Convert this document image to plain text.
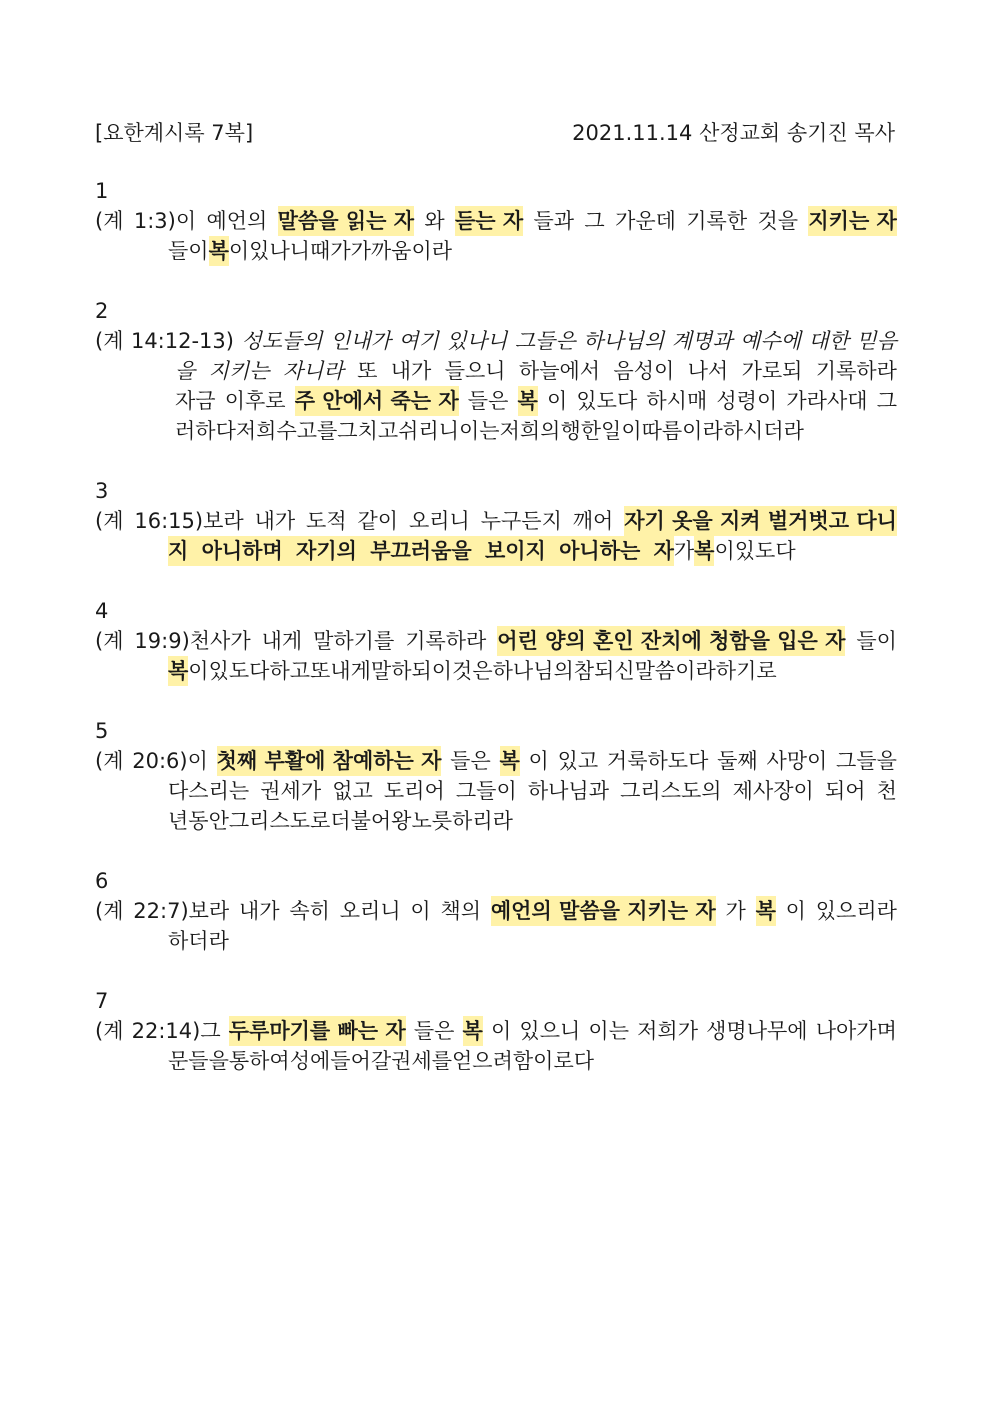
[요한계시록 7복]	2021.11.14 산정교회 송기진 목사
1
(계 1:3)이 예언의 말씀을 읽는 자 와 듣는 자 들과 그 가운데 기록한 것을 지키는 자
들이 복 이 있나니 때가 가까움이라
2
(계 14:12-13) 성도들의 인내가 여기 있나니 그들은 하나님의 계명과 예수에 대한 믿음
을 지키는 자니라 또 내가 들으니 하늘에서 음성이 나서 가로되 기록하라
자금 이후로 주 안에서 죽는 자 들은 복 이 있도다 하시매 성령이 가라사대 그
러하다 저희 수고를 그치고 쉬리니 이는 저희의 행한 일이 따름이라 하시더라
3
(계 16:15)보라 내가 도적 같이 오리니 누구든지 깨어 자기 옷을 지켜 벌거벗고 다니
지 아니하며 자기의 부끄러움을 보이지 아니하는 자 가 복 이 있도다
4
(계 19:9)천사가 내게 말하기를 기록하라 어린 양의 혼인 잔치에 청함을 입은 자 들이
복 이 있도다 하고 또 내게 말하되 이것은 하나님의 참되신 말씀이라 하기로
5
(계 20:6)이 첫째 부활에 참예하는 자 들은 복 이 있고 거룩하도다 둘째 사망이 그들을
다스리는 권세가 없고 도리어 그들이 하나님과 그리스도의 제사장이 되어 천
년 동안 그리스도로 더불어 왕 노릇 하리라
6
(계 22:7)보라 내가 속히 오리니 이 책의 예언의 말씀을 지키는 자 가 복 이 있으리라
하더라
7
(계 22:14)그 두루마기를 빠는 자 들은 복 이 있으니 이는 저희가 생명나무에 나아가며
문들을 통하여 성에 들어갈 권세를 얻으려 함이로다
